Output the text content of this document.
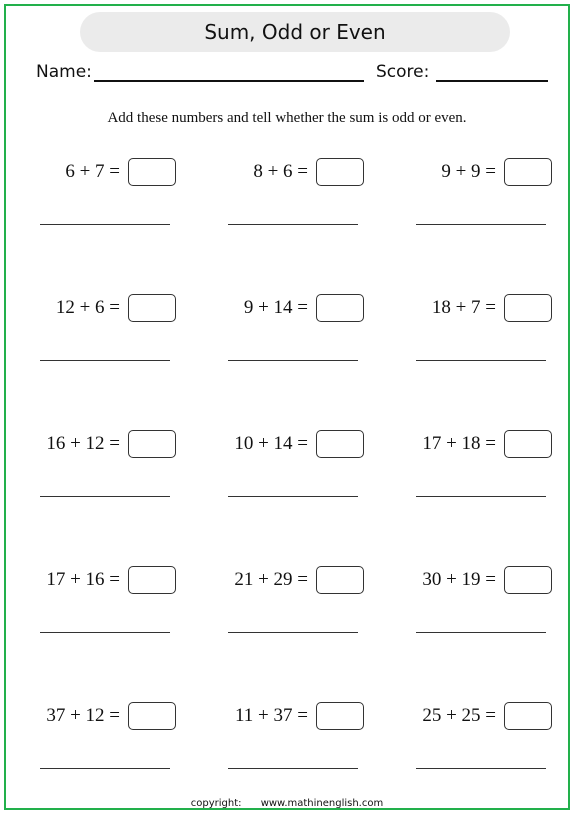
Sum, Odd or Even
Name:	Score:
Add these numbers and tell whether the sum is odd or even.
6 + 7 =	8 + 6 =	9 + 9 =
12 + 6 =	9 + 14 =	18 + 7 =
16 + 12 =	10 + 14 =	17 + 18 =
17 + 16 =	21 + 29 =	30 + 19 =
37 + 12 =	11 + 37 =	25 + 25 =
copyright: www.mathinenglish.com
